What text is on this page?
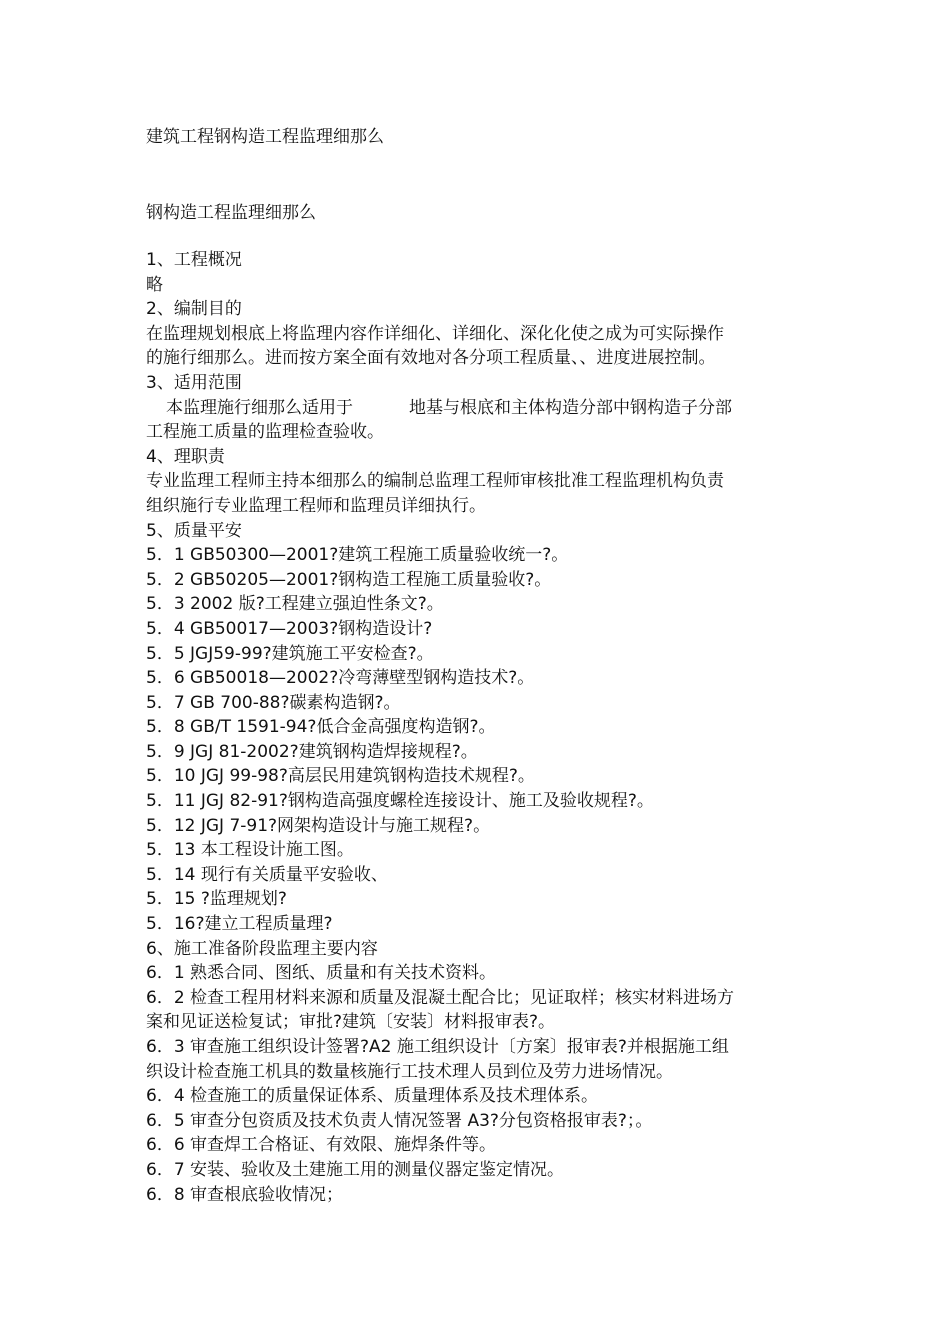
建筑工程钢构造工程监理细那么
钢构造工程监理细那么
1、工程概况
略
2、编制目的
在监理规划根底上将监理内容作详细化、详细化、深化化使之成为可实际操作
的施行细那么。进而按方案全面有效地对各分项工程质量、、进度进展控制。
3、适用范围
本监理施行细那么适用于	地基与根底和主体构造分部中钢构造子分部
工程施工质量的监理检查验收。
4、理职责
专业监理工程师主持本细那么的编制总监理工程师审核批准工程监理机构负责
组织施行专业监理工程师和监理员详细执行。
5、质量平安
5．1 GB50300—2001?建筑工程施工质量验收统一?。
5．2 GB50205—2001?钢构造工程施工质量验收?。
5．3 2002 版?工程建立强迫性条文?。
5．4 GB50017—2003?钢构造设计?
5．5 JGJ59-99?建筑施工平安检查?。
5．6 GB50018—2002?冷弯薄壁型钢构造技术?。
5．7 GB 700-88?碳素构造钢?。
5．8 GB/T 1591-94?低合金高强度构造钢?。
5．9 JGJ 81-2002?建筑钢构造焊接规程?。
5．10 JGJ 99-98?高层民用建筑钢构造技术规程?。
5．11 JGJ 82-91?钢构造高强度螺栓连接设计、施工及验收规程?。
5．12 JGJ 7-91?网架构造设计与施工规程?。
5．13 本工程设计施工图。
5．14 现行有关质量平安验收、
5．15 ?监理规划?
5．16?建立工程质量理?
6、施工准备阶段监理主要内容
6．1 熟悉合同、图纸、质量和有关技术资料。
6．2 检查工程用材料来源和质量及混凝土配合比；见证取样；核实材料进场方
案和见证送检复试；审批?建筑〔安装〕材料报审表?。
6．3 审查施工组织设计签署?A2 施工组织设计〔方案〕报审表?并根据施工组
织设计检查施工机具的数量核施行工技术理人员到位及劳力进场情况。
6．4 检查施工的质量保证体系、质量理体系及技术理体系。
6．5 审查分包资质及技术负责人情况签署 A3?分包资格报审表?；。
6．6 审查焊工合格证、有效限、施焊条件等。
6．7 安装、验收及土建施工用的测量仪器定鉴定情况。
6．8 审查根底验收情况；
